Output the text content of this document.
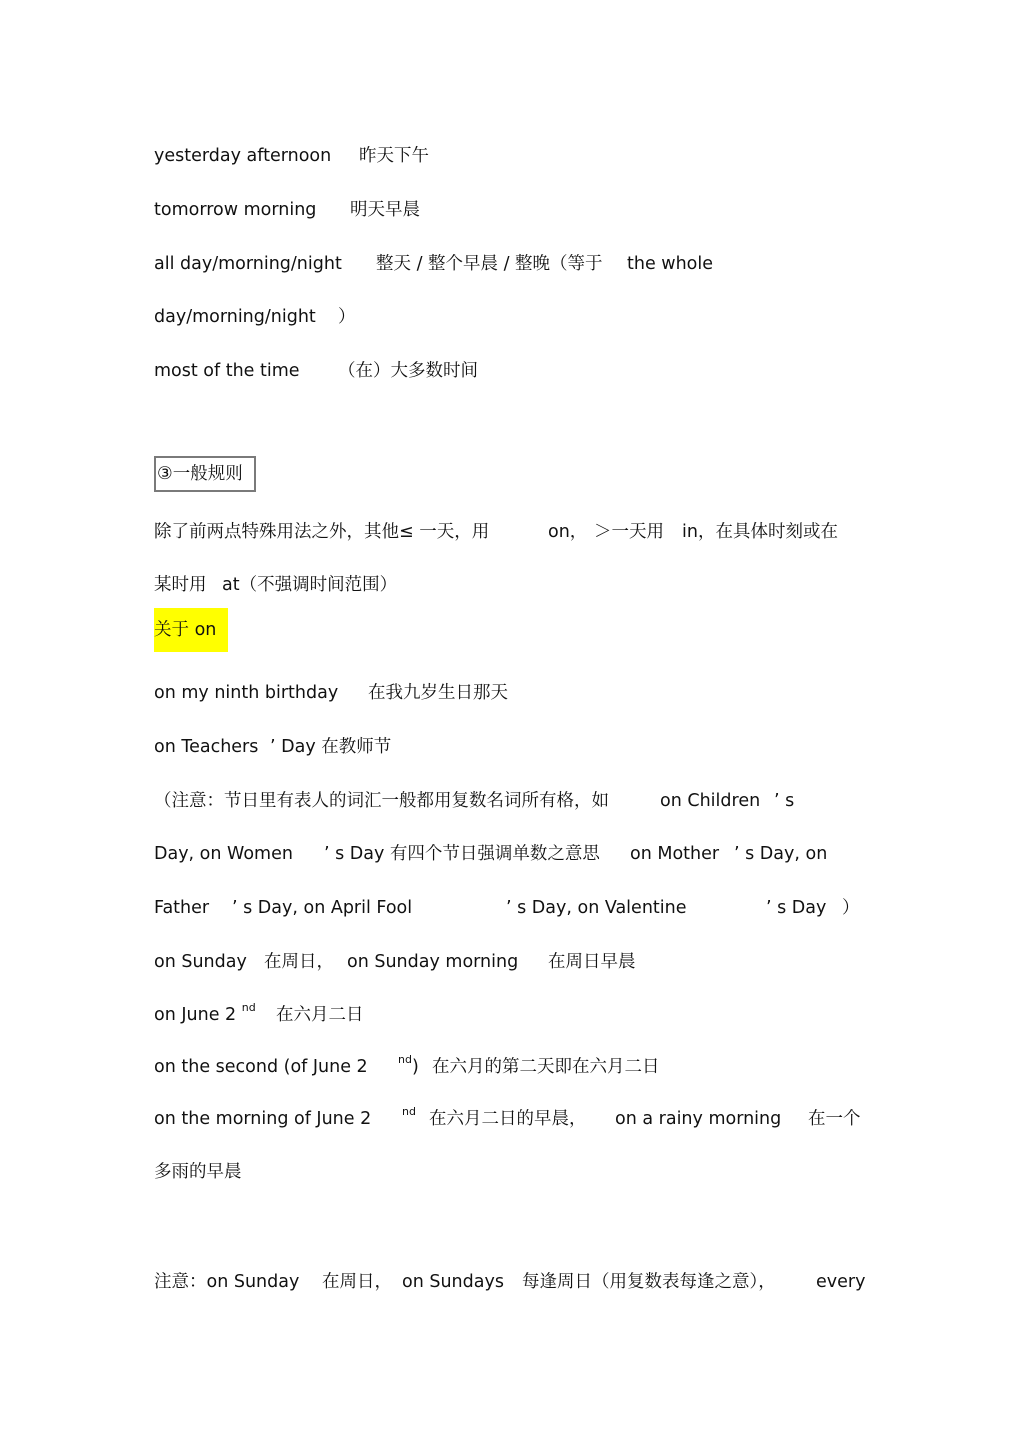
yesterday afternoon 昨天下午
tomorrow morning 明天早晨
all day/morning/night 整天 / 整个早晨 / 整晚（等于 the whole
day/morning/night ）
most of the time （在）大多数时间
③一般规则
除了前两点特殊用法之外，其他≤ 一天，用	on， ＞一天用 in，在具体时刻或在
某时用 at（不强调时间范围）
关于 on
on my ninth birthday 在我九岁生日那天
on Teachers ’ Day 在教师节
（注意：节日里有表人的词汇一般都用复数名词所有格，如	on Children ’ s
Day, on Women ’ s Day 有四个节日强调单数之意思 on Mother ’ s Day, on
Father ’ s Day, on April Fool	’ s Day, on Valentine	’ s Day ）
on Sunday 在周日， on Sunday morning 在周日早晨
on June 2 $^{nd}$ 在六月二日
on the second (of June 2	$^{nd}$) 在六月的第二天即在六月二日
on the morning of June 2	$^{nd}$ 在六月二日的早晨， on a rainy morning 在一个
多雨的早晨
注意：on Sunday 在周日， on Sundays 每逢周日（用复数表每逢之意）， every
